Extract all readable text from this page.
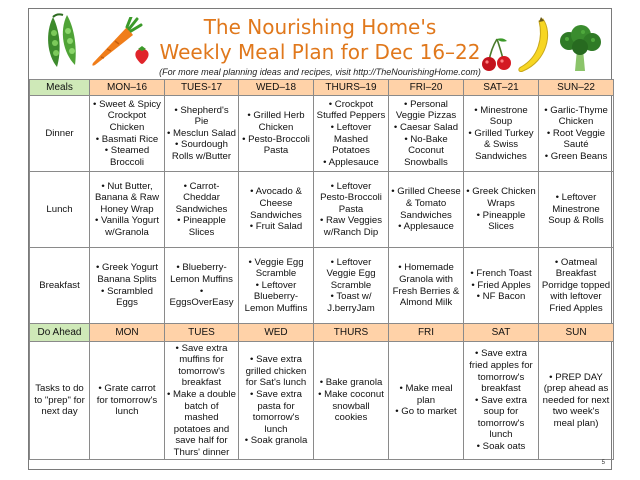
The Nourishing Home's
Weekly Meal Plan for Dec 16–22
(For more meal planning ideas and recipes, visit http://TheNourishingHome.com)
Meals	MON–16	TUES-17	WED–18	THURS–19	FRI–20	SAT–21	SUN–22
Dinner	• Sweet & Spicy Crockpot Chicken
• Basmati Rice
• Steamed Broccoli	• Shepherd's Pie
• Mesclun Salad
• Sourdough Rolls w/Butter	• Grilled Herb Chicken
• Pesto-Broccoli Pasta	• Crockpot Stuffed Peppers
• Leftover Mashed Potatoes
• Applesauce	• Personal Veggie Pizzas
• Caesar Salad
• No-Bake Coconut Snowballs	• Minestrone Soup
• Grilled Turkey & Swiss Sandwiches	• Garlic-Thyme Chicken
• Root Veggie Sauté
• Green Beans
Lunch	• Nut Butter, Banana & Raw Honey Wrap
• Vanilla Yogurt w/Granola	• Carrot-Cheddar Sandwiches
• Pineapple Slices	• Avocado & Cheese Sandwiches
• Fruit Salad	• Leftover Pesto-Broccoli Pasta
• Raw Veggies w/Ranch Dip	• Grilled Cheese & Tomato Sandwiches
• Applesauce	• Greek Chicken Wraps
• Pineapple Slices	• Leftover Minestrone Soup & Rolls
Breakfast	• Greek Yogurt Banana Splits
• Scrambled Eggs	• Blueberry-Lemon Muffins
• EggsOverEasy	• Veggie Egg Scramble
• Leftover Blueberry-Lemon Muffins	• Leftover Veggie Egg Scramble
• Toast w/ J.berryJam	• Homemade Granola with Fresh Berries & Almond Milk	• French Toast
• Fried Apples
• NF Bacon	• Oatmeal Breakfast Porridge topped with leftover Fried Apples
Do Ahead	MON	TUES	WED	THURS	FRI	SAT	SUN
Tasks to do to "prep" for next day	• Grate carrot for tomorrow's lunch	• Save extra muffins for tomorrow's breakfast
• Make a double batch of mashed potatoes and save half for Thurs' dinner	• Save extra grilled chicken for Sat's lunch
• Save extra pasta for tomorrow's lunch
• Soak granola	• Bake granola
• Make coconut snowball cookies	• Make meal plan
• Go to market	• Save extra fried apples for tomorrow's breakfast
• Save extra soup for tomorrow's lunch
• Soak oats	• PREP DAY (prep ahead as needed for next two week's meal plan)
5
